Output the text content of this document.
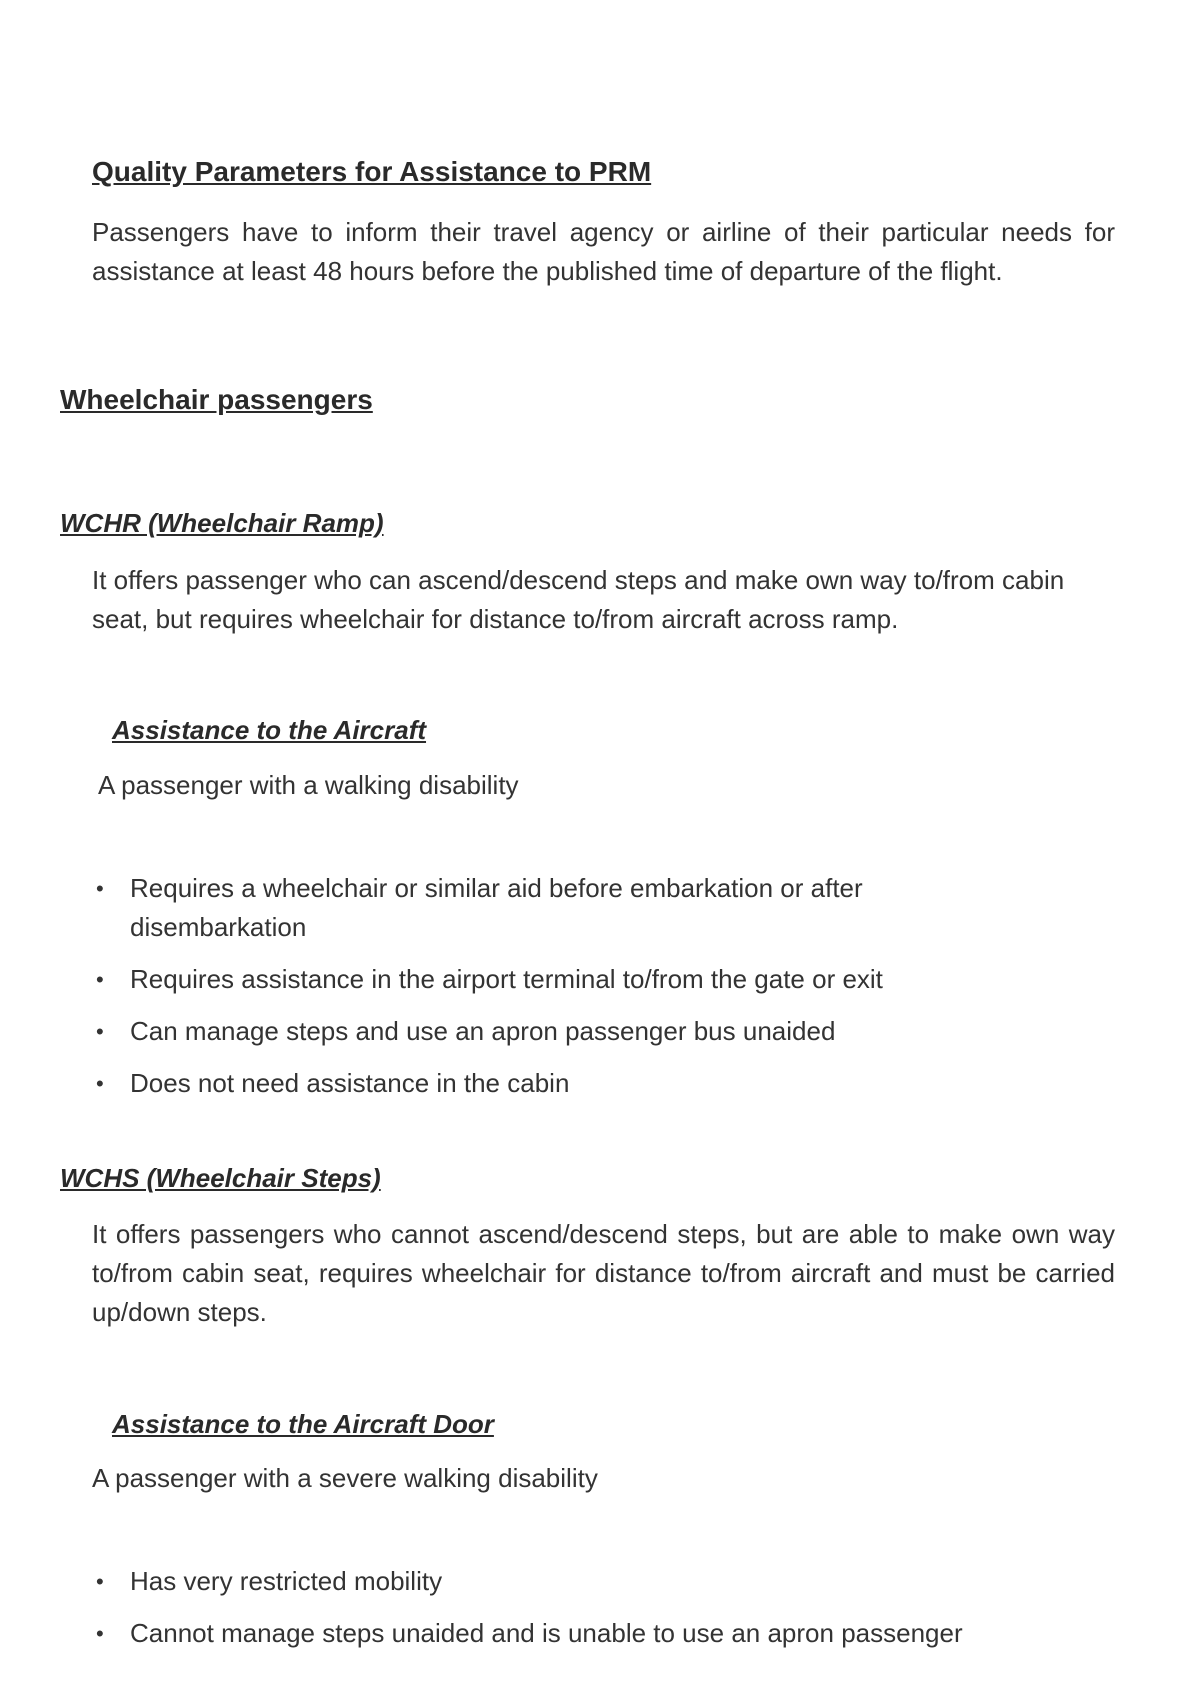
Quality Parameters for Assistance to PRM

Passengers have to inform their travel agency or airline of their particular needs for assistance at least 48 hours before the published time of departure of the flight.

Wheelchair passengers
WCHR (Wheelchair Ramp)

It offers passenger who can ascend/descend steps and make own way to/from cabin seat, but requires wheelchair for distance to/from aircraft across ramp.

Assistance to the Aircraft

A passenger with a walking disability

• Requires a wheelchair or similar aid before embarkation or after disembarkation
• Requires assistance in the airport terminal to/from the gate or exit
• Can manage steps and use an apron passenger bus unaided
• Does not need assistance in the cabin
WCHS (Wheelchair Steps)

It offers passengers who cannot ascend/descend steps, but are able to make own way to/from cabin seat, requires wheelchair for distance to/from aircraft and must be carried up/down steps.

Assistance to the Aircraft Door

A passenger with a severe walking disability

• Has very restricted mobility
• Cannot manage steps unaided and is unable to use an apron passenger
